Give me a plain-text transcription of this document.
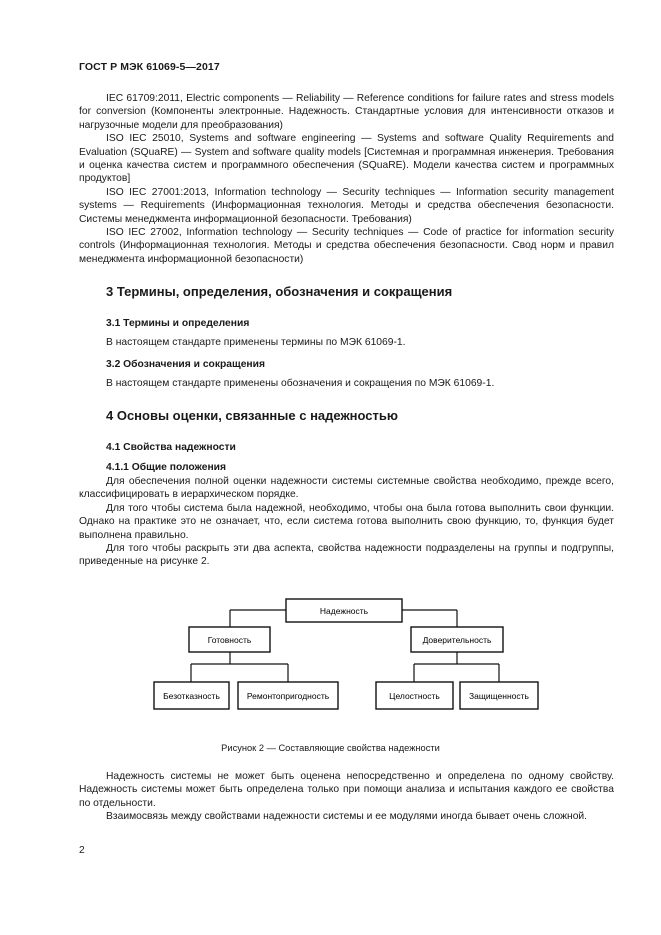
ГОСТ Р МЭК 61069-5—2017

IEC 61709:2011, Electric components — Reliability — Reference conditions for failure rates and stress models for conversion (Компоненты электронные. Надежность. Стандартные условия для интенсивности отказов и нагрузочные модели для преобразования)

ISO IEC 25010, Systems and software engineering — Systems and software Quality Requirements and Evaluation (SQuaRE) — System and software quality models [Системная и программная инженерия. Требования и оценка качества систем и программного обеспечения (SQuaRE). Модели качества систем и программных продуктов]

ISO IEC 27001:2013, Information technology — Security techniques — Information security management systems — Requirements (Информационная технология. Методы и средства обеспечения безопасности. Системы менеджмента информационной безопасности. Требования)

ISO IEC 27002, Information technology — Security techniques — Code of practice for information security controls (Информационная технология. Методы и средства обеспечения безопасности. Свод норм и правил менеджмента информационной безопасности)

3 Термины, определения, обозначения и сокращения
3.1 Термины и определения
В настоящем стандарте применены термины по МЭК 61069-1.
3.2 Обозначения и сокращения
В настоящем стандарте применены обозначения и сокращения по МЭК 61069-1.
4 Основы оценки, связанные с надежностью
4.1 Свойства надежности
4.1.1 Общие положения

Для обеспечения полной оценки надежности системы системные свойства необходимо, прежде всего, классифицировать в иерархическом порядке.

Для того чтобы система была надежной, необходимо, чтобы она была готова выполнить свои функции. Однако на практике это не означает, что, если система готова выполнить свою функцию, то, функция будет выполнена правильно.

Для того чтобы раскрыть эти два аспекта, свойства надежности подразделены на группы и подгруппы, приведенные на рисунке 2.

Надежность
Готовность	Доверительность
Безотказность	Ремонтопригодность	Целостность	Защищенность
Рисунок 2 — Составляющие свойства надежности

Надежность системы не может быть оценена непосредственно и определена по одному свойству. Надежность системы может быть определена только при помощи анализа и испытания каждого ее свойства по отдельности.

Взаимосвязь между свойствами надежности системы и ее модулями иногда бывает очень сложной.

2
